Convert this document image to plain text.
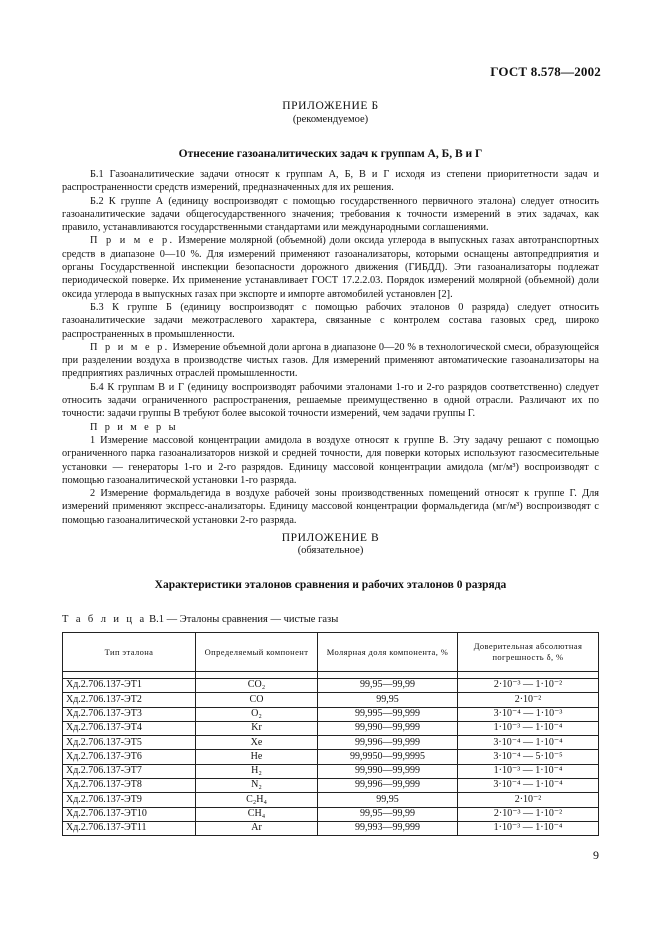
ГОСТ 8.578—2002
ПРИЛОЖЕНИЕ Б
(рекомендуемое)
Отнесение газоаналитических задач к группам А, Б, В и Г

Б.1 Газоаналитические задачи относят к группам А, Б, В и Г исходя из степени приоритетности задач и распространенности средств измерений, предназначенных для их решения.

Б.2 К группе А (единицу воспроизводят с помощью государственного первичного эталона) следует относить газоаналитические задачи общегосударственного значения; требования к точности измерений в этих задачах, как правило, устанавливаются государственными стандартами или международными соглашениями.

П р и м е р. Измерение молярной (объемной) доли оксида углерода в выпускных газах автотранспортных средств в диапазоне 0—10 %. Для измерений применяют газоанализаторы, которыми оснащены автопредприятия и органы Государственной инспекции безопасности дорожного движения (ГИБДД). Эти газоанализаторы подлежат периодической поверке. Их применение устанавливает ГОСТ 17.2.2.03. Порядок измерений молярной (объемной) доли оксида углерода в выпускных газах при экспорте и импорте автомобилей установлен [2].

Б.3 К группе Б (единицу воспроизводят с помощью рабочих эталонов 0 разряда) следует относить газоаналитические задачи межотраслевого характера, связанные с контролем состава газовых сред, широко распространенных в промышленности.

П р и м е р. Измерение объемной доли аргона в диапазоне 0—20 % в технологической смеси, образующейся при разделении воздуха в производстве чистых газов. Для измерений применяют автоматические газоанализаторы на предприятиях различных отраслей промышленности.

Б.4 К группам В и Г (единицу воспроизводят рабочими эталонами 1-го и 2-го разрядов соответственно) следует относить задачи ограниченного распространения, решаемые преимущественно в одной отрасли. Различают их по точности: задачи группы В требуют более высокой точности измерений, чем задачи группы Г.

П р и м е р ы

1 Измерение массовой концентрации амидола в воздухе относят к группе В. Эту задачу решают с помощью ограниченного парка газоанализаторов низкой и средней точности, для поверки которых используют газосмесительные установки — генераторы 1-го и 2-го разрядов. Единицу массовой концентрации амидола (мг/м³) воспроизводят с помощью газоаналитической установки 1-го разряда.

2 Измерение формальдегида в воздухе рабочей зоны производственных помещений относят к группе Г. Для измерений применяют экспресс-анализаторы. Единицу массовой концентрации формальдегида (мг/м³) воспроизводят с помощью газоаналитической установки 2-го разряда.

ПРИЛОЖЕНИЕ В
(обязательное)
Характеристики эталонов сравнения и рабочих эталонов 0 разряда
Т а б л и ц а В.1 — Эталоны сравнения — чистые газы
Тип эталона	Определяемый компонент	Молярная доля компонента, %	Доверительная абсолютная погрешность δ, %

Хд.2.706.137-ЭТ1	CO₂	99,95—99,99	2·10⁻³ — 1·10⁻²
Хд.2.706.137-ЭТ2	CO	99,95	2·10⁻²
Хд.2.706.137-ЭТ3	O₂	99,995—99,999	3·10⁻⁴ — 1·10⁻³
Хд.2.706.137-ЭТ4	Kr	99,990—99,999	1·10⁻³ — 1·10⁻⁴
Хд.2.706.137-ЭТ5	Xe	99,996—99,999	3·10⁻⁴ — 1·10⁻⁴
Хд.2.706.137-ЭТ6	He	99,9950—99,9995	3·10⁻⁴ — 5·10⁻⁵
Хд.2.706.137-ЭТ7	H₂	99,990—99,999	1·10⁻³ — 1·10⁻⁴
Хд.2.706.137-ЭТ8	N₂	99,996—99,999	3·10⁻⁴ — 1·10⁻⁴
Хд.2.706.137-ЭТ9	C₂H₄	99,95	2·10⁻²
Хд.2.706.137-ЭТ10	CH₄	99,95—99,99	2·10⁻³ — 1·10⁻²
Хд.2.706.137-ЭТ11	Ar	99,993—99,999	1·10⁻³ — 1·10⁻⁴
9
